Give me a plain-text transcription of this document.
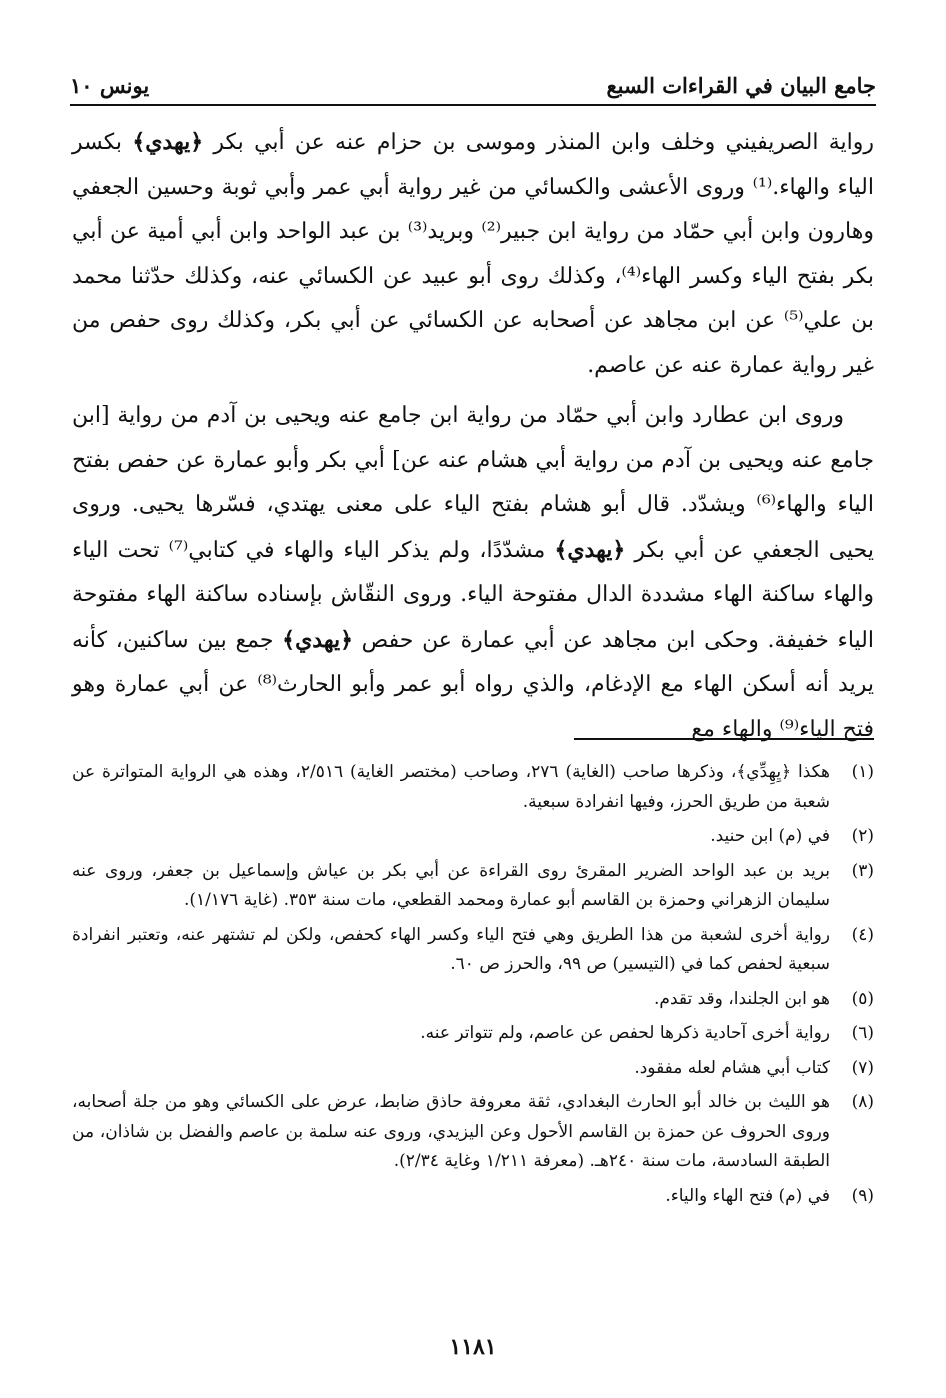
جامع البيان في القراءات السبع
يونس ١٠

رواية الصريفيني وخلف وابن المنذر وموسى بن حزام عنه عن أبي بكر ﴿يهدي﴾ بكسر الياء والهاء.⁽¹⁾ وروى الأعشى والكسائي من غير رواية أبي عمر وأبي ثوبة وحسين الجعفي وهارون وابن أبي حمّاد من رواية ابن جبير⁽²⁾ وبريد⁽³⁾ بن عبد الواحد وابن أبي أمية عن أبي بكر بفتح الياء وكسر الهاء⁽⁴⁾، وكذلك روى أبو عبيد عن الكسائي عنه، وكذلك حدّثنا محمد بن علي⁽⁵⁾ عن ابن مجاهد عن أصحابه عن الكسائي عن أبي بكر، وكذلك روى حفص من غير رواية عمارة عنه عن عاصم.

وروى ابن عطارد وابن أبي حمّاد من رواية ابن جامع عنه ويحيى بن آدم من رواية [ابن جامع عنه ويحيى بن آدم من رواية أبي هشام عنه عن] أبي بكر وأبو عمارة عن حفص بفتح الياء والهاء⁽⁶⁾ ويشدّد. قال أبو هشام بفتح الياء على معنى يهتدي، فسّرها يحيى. وروى يحيى الجعفي عن أبي بكر ﴿يهدي﴾ مشدّدًا، ولم يذكر الياء والهاء في كتابي⁽⁷⁾ تحت الياء والهاء ساكنة الهاء مشددة الدال مفتوحة الياء. وروى النقّاش بإسناده ساكنة الهاء مفتوحة الياء خفيفة. وحكى ابن مجاهد عن أبي عمارة عن حفص ﴿يهدي﴾ جمع بين ساكنين، كأنه يريد أنه أسكن الهاء مع الإدغام، والذي رواه أبو عمر وأبو الحارث⁽⁸⁾ عن أبي عمارة وهو فتح الياء⁽⁹⁾ والهاء مع

(١)
هكذا ﴿يِهِدِّي﴾، وذكرها صاحب (الغاية) ٢٧٦، وصاحب (مختصر الغاية) ٢/٥١٦، وهذه هي الرواية المتواترة عن شعبة من طريق الحرز، وفيها انفرادة سبعية.
(٢)
في (م) ابن حنيد.
(٣)
بريد بن عبد الواحد الضرير المقرئ روى القراءة عن أبي بكر بن عياش وإسماعيل بن جعفر، وروى عنه سليمان الزهراني وحمزة بن القاسم أبو عمارة ومحمد القطعي، مات سنة ٣٥٣. (غاية ١/١٧٦).
(٤)
رواية أخرى لشعبة من هذا الطريق وهي فتح الياء وكسر الهاء كحفص، ولكن لم تشتهر عنه، وتعتبر انفرادة سبعية لحفص كما في (التيسير) ص ٩٩، والحرز ص ٦٠.
(٥)
هو ابن الجلندا، وقد تقدم.
(٦)
رواية أخرى آحادية ذكرها لحفص عن عاصم، ولم تتواتر عنه.
(٧)
كتاب أبي هشام لعله مفقود.
(٨)
هو الليث بن خالد أبو الحارث البغدادي، ثقة معروفة حاذق ضابط، عرض على الكسائي وهو من جلة أصحابه، وروى الحروف عن حمزة بن القاسم الأحول وعن اليزيدي، وروى عنه سلمة بن عاصم والفضل بن شاذان، من الطبقة السادسة، مات سنة ٢٤٠هـ. (معرفة ١/٢١١ وغاية ٢/٣٤).
(٩)
في (م) فتح الهاء والياء.
١١٨١
